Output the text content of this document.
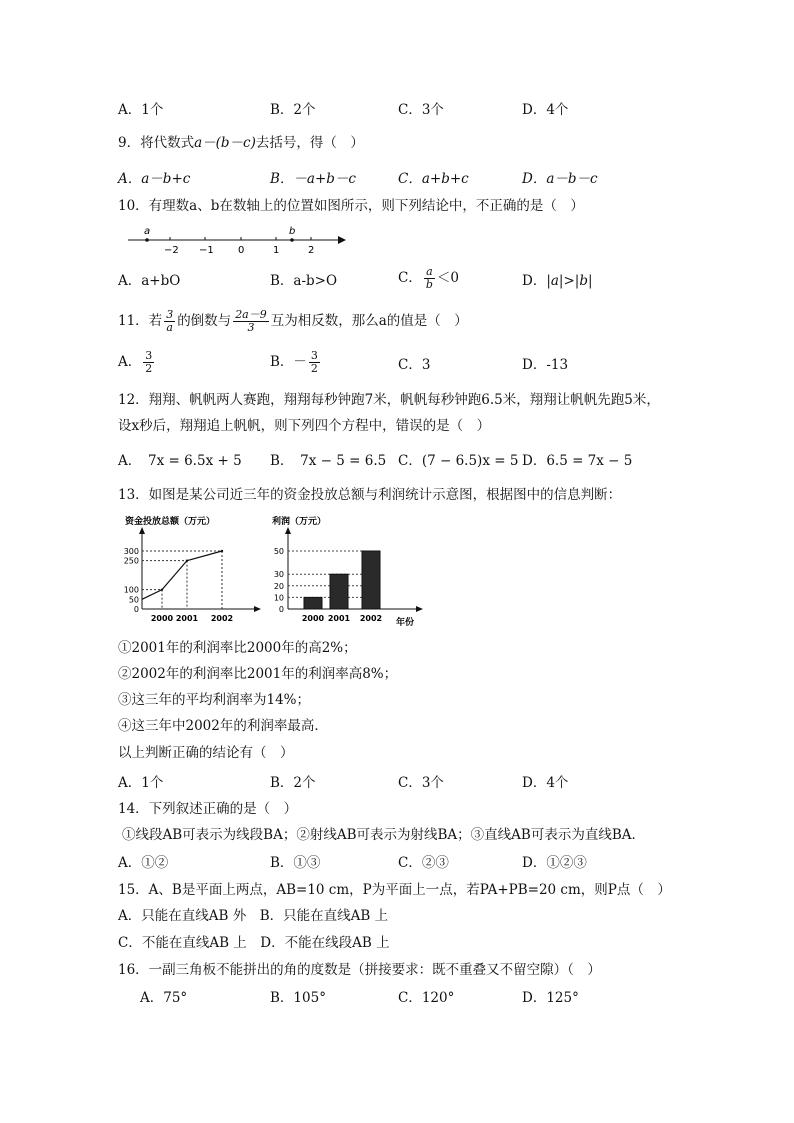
A．1个	B．2个	C．3个	D．4个
9．将代数式a－(b－c)去括号，得（　）
A．a－b+c	B．－a+b－c	C．a+b+c	D．a－b－c
10．有理数a、b在数轴上的位置如图所示，则下列结论中，不正确的是（　）
a	b
−2 −1 0	1	2
A．a+bO	B．a-b>O	C． $\frac{a}{b} <0$	D．|a|>|b|
11．若 $\frac{3}{a}$ 的倒数与 $\frac{2a-9}{3}$ 互为相反数，那么a的值是（　）
A． $\frac{3}{2}$	B．－ $\frac{3}{2}$	C．3	D．-13
12．翔翔、帆帆两人赛跑，翔翔每秒钟跑7米，帆帆每秒钟跑6.5米，翔翔让帆帆先跑5米，
设x秒后，翔翔追上帆帆，则下列四个方程中，错误的是（　）
A．　7x = 6.5x + 5 B．　7x − 5 = 6.5 C．(7 − 6.5)x = 5 D．6.5 = 7x − 5
13．如图是某公司近三年的资金投放总额与利润统计示意图，根据图中的信息判断：
资金投放总额（万元）
0
50
100
250
300
2000 2001 2002
利润（万元）
0
10
20
30
50
2000 2001 2002 年份
①2001年的利润率比2000年的高2%；
②2002年的利润率比2001年的利润率高8%；
③这三年的平均利润率为14%；
④这三年中2002年的利润率最高．
以上判断正确的结论有（　）
A．1个	B．2个	C．3个	D．4个
14．下列叙述正确的是（　）
①线段AB可表示为线段BA；②射线AB可表示为射线BA；③直线AB可表示为直线BA．
A．①②	B．①③	C．②③	D．①②③
15．A、B是平面上两点，AB=10 cm，P为平面上一点，若PA+PB=20 cm，则P点（　）
A．只能在直线AB 外　B．只能在直线AB 上
C．不能在直线AB 上　D．不能在线段AB 上
16．一副三角板不能拼出的角的度数是（拼接要求：既不重叠又不留空隙）（　）
A．75°	B．105°	C．120°	D．125°
